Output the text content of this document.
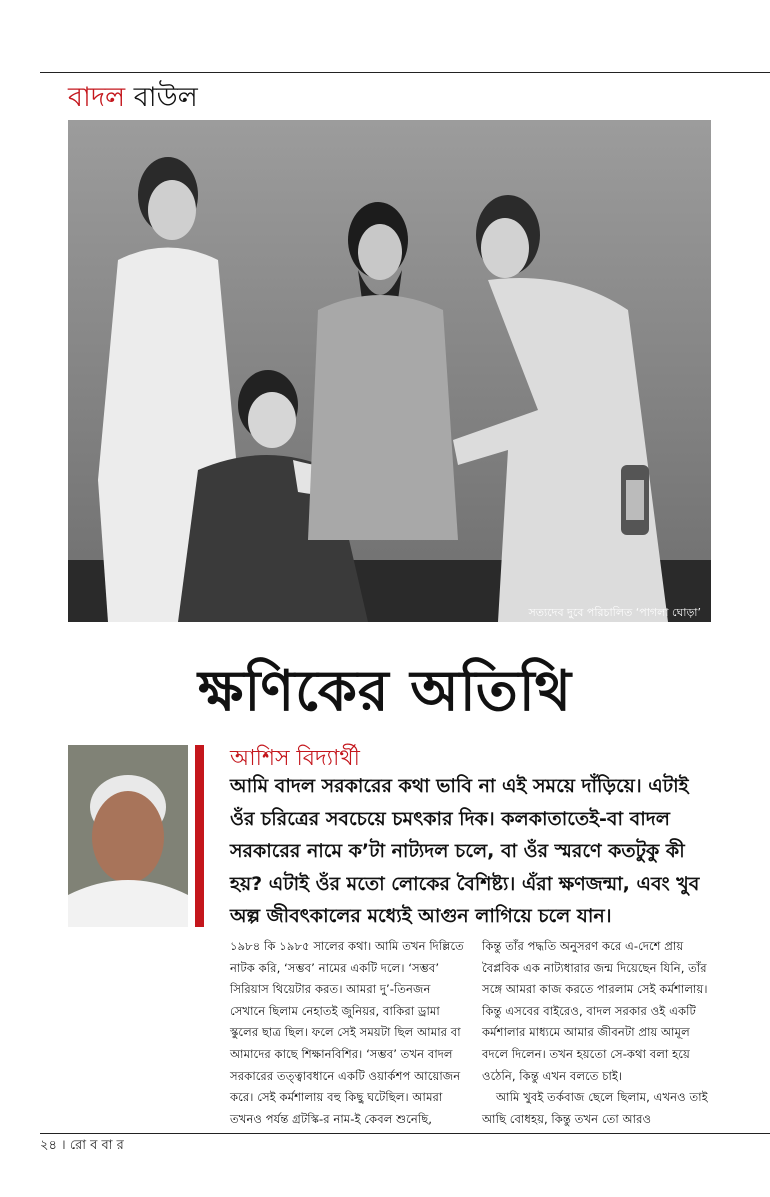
বাদল বাউল
সত্যদেব দুবে পরিচালিত ‘পাগলা ঘোড়া’
ক্ষণিকের অতিথি
আশিস বিদ্যার্থী
আমি বাদল সরকারের কথা ভাবি না এই সময়ে দাঁড়িয়ে। এটাই ওঁর চরিত্রের সবচেয়ে চমৎকার দিক। কলকাতাতেই-বা বাদল সরকারের নামে ক’টা নাট্যদল চলে, বা ওঁর স্মরণে কতটুকু কী হয়? এটাই ওঁর মতো লোকের বৈশিষ্ট্য। এঁরা ক্ষণজন্মা, এবং খুব অল্প জীবৎকালের মধ্যেই আগুন লাগিয়ে চলে যান।

১৯৮৪ কি ১৯৮৫ সালের কথা। আমি তখন দিল্লিতে নাটক করি, ‘সম্ভব’ নামের একটি দলে। ‘সম্ভব’ সিরিয়াস থিয়েটার করত। আমরা দু’-তিনজন সেখানে ছিলাম নেহাতই জুনিয়র, বাকিরা ড্রামা স্কুলের ছাত্র ছিল। ফলে সেই সময়টা ছিল আমার বা আমাদের কাছে শিক্ষানবিশির। ‘সম্ভব’ তখন বাদল সরকারের তত্ত্বাবধানে একটি ওয়ার্কশপ আয়োজন করে। সেই কর্মশালায় বহু কিছু ঘটেছিল। আমরা তখনও পর্যন্ত গ্রটস্কি-র নাম-ই কেবল শুনেছি,

কিন্তু তাঁর পদ্ধতি অনুসরণ করে এ-দেশে প্রায় বৈপ্লবিক এক নাট্যধারার জন্ম দিয়েছেন যিনি, তাঁর সঙ্গে আমরা কাজ করতে পারলাম সেই কর্মশালায়। কিন্তু এসবের বাইরেও, বাদল সরকার ওই একটি কর্মশালার মাধ্যমে আমার জীবনটা প্রায় আমূল বদলে দিলেন। তখন হয়তো সে-কথা বলা হয়ে ওঠেনি, কিন্তু এখন বলতে চাই।

আমি খুবই তর্কবাজ ছেলে ছিলাম, এখনও তাই আছি বোধহয়, কিন্তু তখন তো আরও

২৪ । রো ব বা র
